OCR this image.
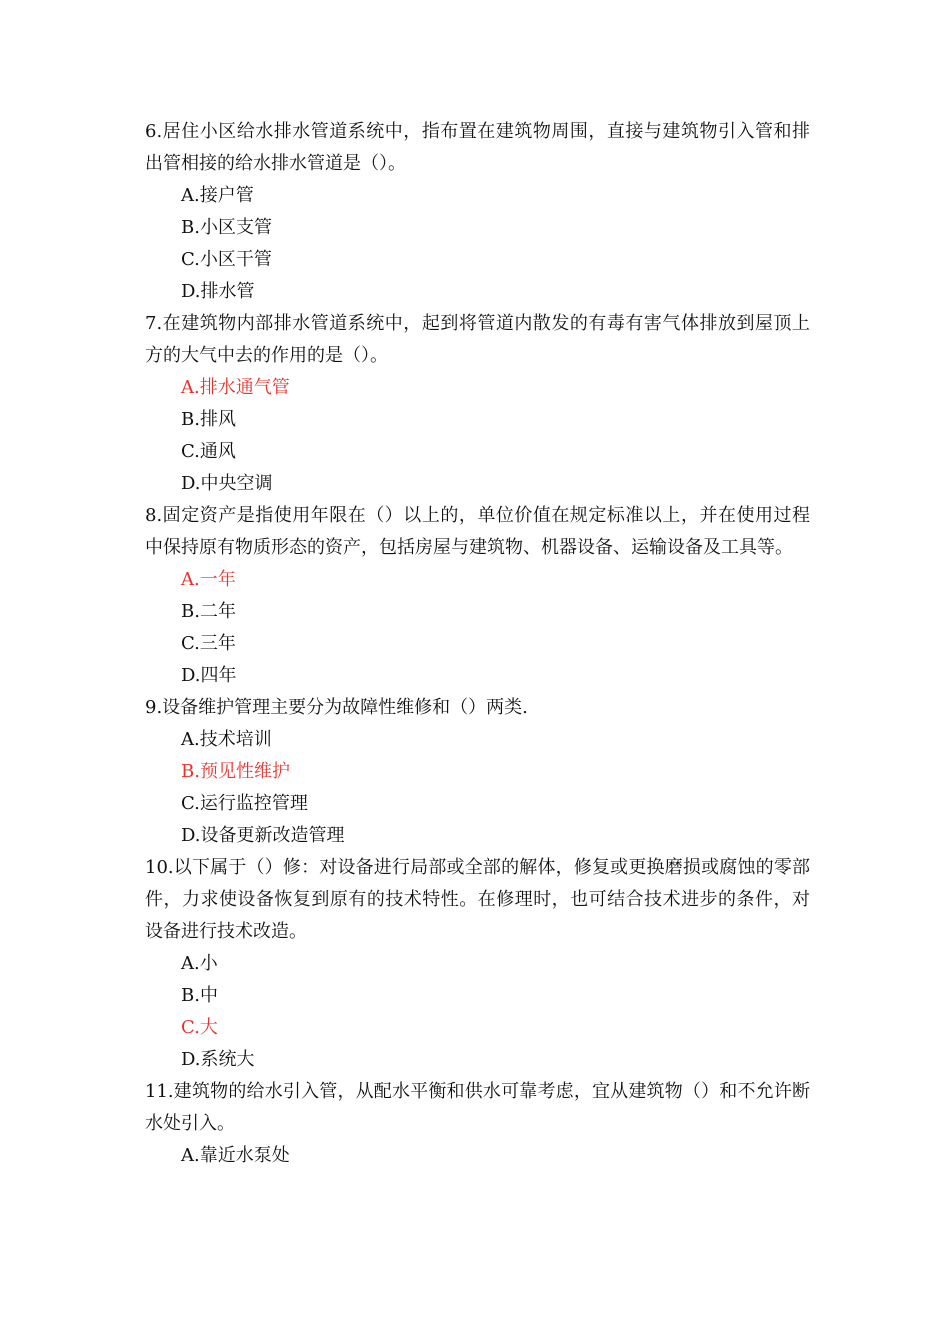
6.居住小区给水排水管道系统中，指布置在建筑物周围，直接与建筑物引入管和排出管相接的给水排水管道是（）。

A.接户管

B.小区支管

C.小区干管

D.排水管

7.在建筑物内部排水管道系统中，起到将管道内散发的有毒有害气体排放到屋顶上方的大气中去的作用的是（）。

A.排水通气管

B.排风

C.通风

D.中央空调

8.固定资产是指使用年限在（）以上的，单位价值在规定标准以上，并在使用过程中保持原有物质形态的资产，包括房屋与建筑物、机器设备、运输设备及工具等。

A.一年

B.二年

C.三年

D.四年

9.设备维护管理主要分为故障性维修和（）两类.

A.技术培训

B.预见性维护

C.运行监控管理

D.设备更新改造管理

10.以下属于（）修：对设备进行局部或全部的解体，修复或更换磨损或腐蚀的零部件，力求使设备恢复到原有的技术特性。在修理时，也可结合技术进步的条件，对设备进行技术改造。

A.小

B.中

C.大

D.系统大

11.建筑物的给水引入管，从配水平衡和供水可靠考虑，宜从建筑物（）和不允许断水处引入。

A.靠近水泵处
